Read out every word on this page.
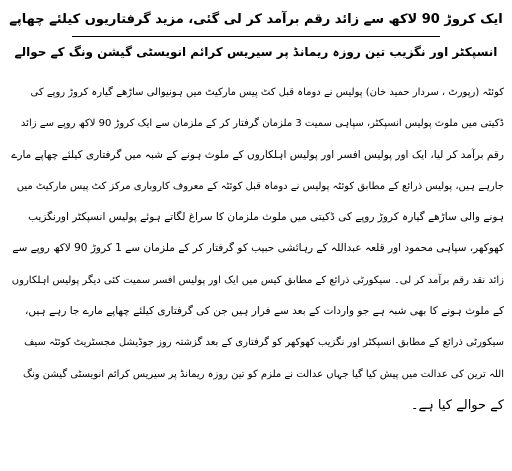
ایک کروڑ 90 لاکھ سے زائد رقم برآمد کر لی گئی، مزید گرفتاریوں کیلئے چھاپے
انسپکٹر اور نگزیب تین روزہ ریمانڈ پر سیریس کرائم انویسٹی گیشن ونگ کے حوالے
کوئٹہ (رپورٹ ، سردار حمید خان) پولیس نے دوماہ قبل کٹ پیس مارکیٹ میں ہونیوالی ساڑھے گیارہ کروڑ روپے کی
ڈکیتی میں ملوث پولیس انسپکٹر، سپاہی سمیت 3 ملزمان گرفتار کر کے ملزمان سے ایک کروڑ 90 لاکھ روپے سے زائد
رقم برآمد کر لیا، ایک اور پولیس افسر اور پولیس اہلکاروں کے ملوث ہونے کے شبہ میں گرفتاری کیلئے چھاپے مارے
جارہے ہیں، پولیس ذرائع کے مطابق کوئٹہ پولیس نے دوماہ قبل کوئٹہ کے معروف کاروباری مرکز کٹ پیس مارکیٹ میں
ہونے والی ساڑھے گیارہ کروڑ روپے کی ڈکیتی میں ملوث ملزمان کا سراغ لگاتے ہوئے پولیس انسپکٹر اورنگزیب
کھوکھر، سپاہی محمود اور قلعہ عبداللہ کے رہائشی حبیب کو گرفتار کر کے ملزمان سے 1 کروڑ 90 لاکھ روپے سے
زائد نقد رقم برآمد کر لی۔ سیکورٹی ذرائع کے مطابق کیس میں ایک اور پولیس افسر سمیت کئی دیگر پولیس اہلکاروں
کے ملوث ہونے کا بھی شبہ ہے جو واردات کے بعد سے فرار ہیں جن کی گرفتاری کیلئے چھاپے مارے جا رہے ہیں،
سیکورٹی ذرائع کے مطابق انسپکٹر اور نگزیب کھوکھر کو گرفتاری کے بعد گزشتہ روز جوڈیشل مجسٹریٹ کوئٹہ سیف
اللہ ترین کی عدالت میں پیش کیا گیا جہاں عدالت نے ملزم کو تین روزہ ریمانڈ پر سیریس کرائم انویسٹی گیشن ونگ
کے حوالے کیا ہے۔
